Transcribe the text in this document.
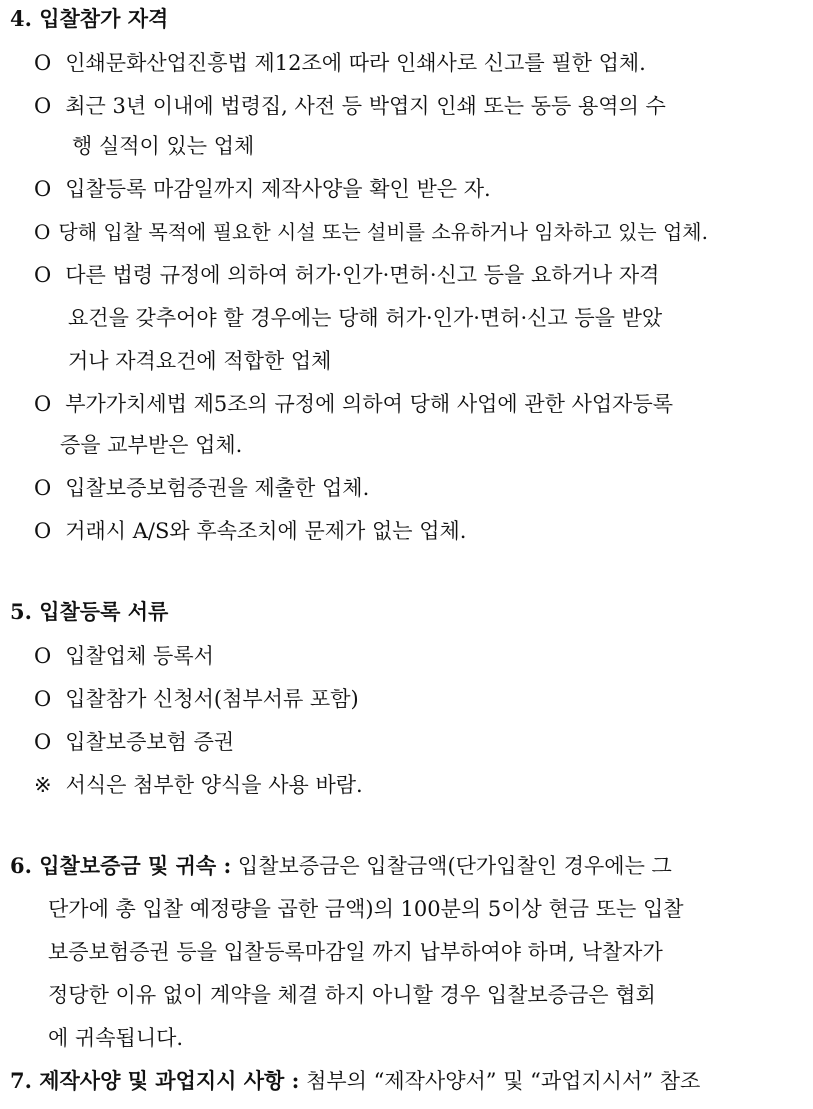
4. 입찰참가 자격
O 인쇄문화산업진흥법 제12조에 따라 인쇄사로 신고를 필한 업체.
O 최근 3년 이내에 법령집, 사전 등 박엽지 인쇄 또는 동등 용역의 수
행 실적이 있는 업체
O 입찰등록 마감일까지 제작사양을 확인 받은 자.
O 당해 입찰 목적에 필요한 시설 또는 설비를 소유하거나 임차하고 있는 업체.
O 다른 법령 규정에 의하여 허가·인가·면허·신고 등을 요하거나 자격
요건을 갖추어야 할 경우에는 당해 허가·인가·면허·신고 등을 받았
거나 자격요건에 적합한 업체
O 부가가치세법 제5조의 규정에 의하여 당해 사업에 관한 사업자등록
증을 교부받은 업체.
O 입찰보증보험증권을 제출한 업체.
O 거래시 A/S와 후속조치에 문제가 없는 업체.
5. 입찰등록 서류
O 입찰업체 등록서
O 입찰참가 신청서(첨부서류 포함)
O 입찰보증보험 증권
※ 서식은 첨부한 양식을 사용 바람.
6. 입찰보증금 및 귀속 : 입찰보증금은 입찰금액(단가입찰인 경우에는 그
단가에 총 입찰 예정량을 곱한 금액)의 100분의 5이상 현금 또는 입찰
보증보험증권 등을 입찰등록마감일 까지 납부하여야 하며, 낙찰자가
정당한 이유 없이 계약을 체결 하지 아니할 경우 입찰보증금은 협회
에 귀속됩니다.
7. 제작사양 및 과업지시 사항 : 첨부의 “제작사양서” 및 “과업지시서” 참조
